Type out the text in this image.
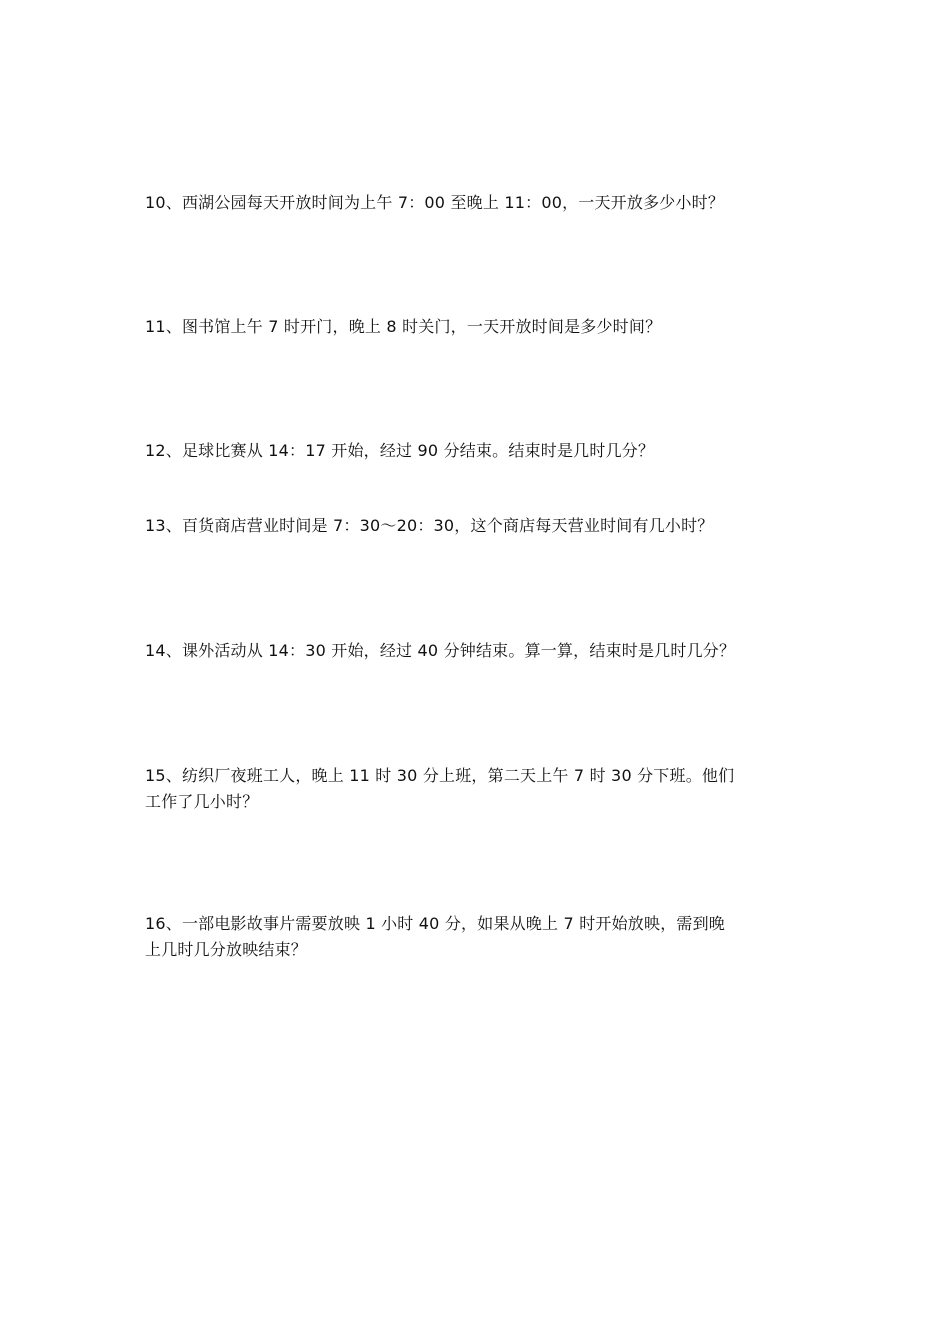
10、西湖公园每天开放时间为上午 7：00 至晚上 11：00，一天开放多少小时？
11、图书馆上午 7 时开门，晚上 8 时关门，一天开放时间是多少时间？
12、足球比赛从 14：17 开始，经过 90 分结束。结束时是几时几分？
13、百货商店营业时间是 7：30～20：30，这个商店每天营业时间有几小时？
14、课外活动从 14：30 开始，经过 40 分钟结束。算一算，结束时是几时几分？
15、纺织厂夜班工人，晚上 11 时 30 分上班，第二天上午 7 时 30 分下班。他们
工作了几小时？
16、一部电影故事片需要放映 1 小时 40 分，如果从晚上 7 时开始放映，需到晚
上几时几分放映结束？
